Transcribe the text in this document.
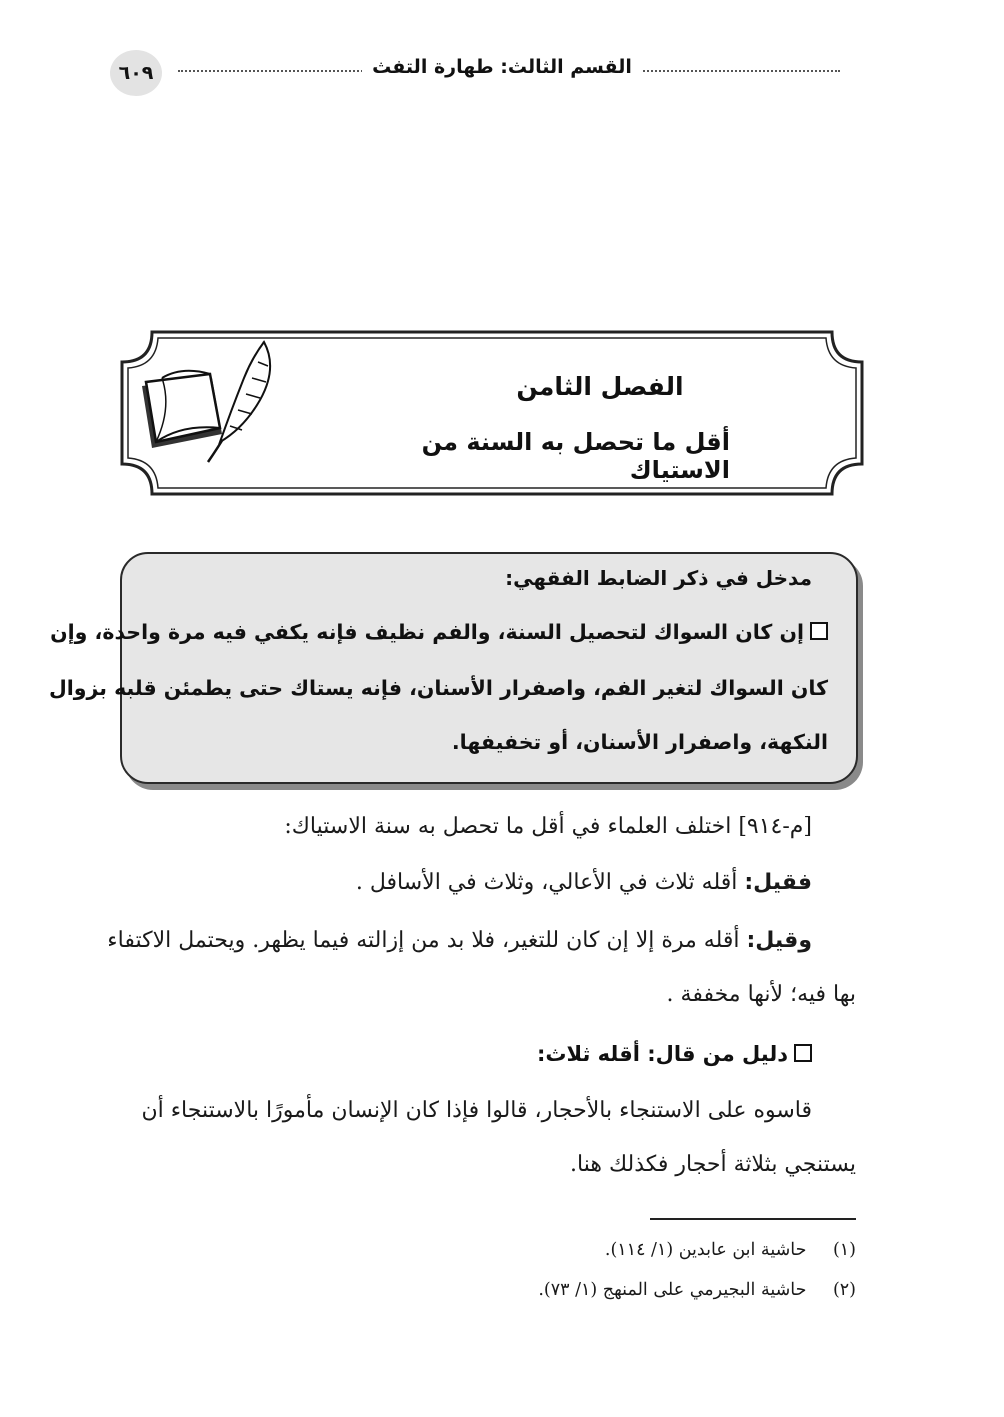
القسم الثالث: طهارة التفث
٦٠٩
الفصل الثامن
أقل ما تحصل به السنة من الاستياك
مدخل في ذكر الضابط الفقهي:
إن كان السواك لتحصيل السنة، والفم نظيف فإنه يكفي فيه مرة واحدة، وإن
كان السواك لتغير الفم، واصفرار الأسنان، فإنه يستاك حتى يطمئن قلبه بزوال
النكهة، واصفرار الأسنان، أو تخفيفها.
[م-٩١٤] اختلف العلماء في أقل ما تحصل به سنة الاستياك:
فقيل: أقله ثلاث في الأعالي، وثلاث في الأسافل
.
وقيل: أقله مرة إلا إن كان للتغير، فلا بد من إزالته فيما يظهر. ويحتمل الاكتفاء
بها فيه؛ لأنها مخففة
.
دليل من قال: أقله ثلاث:
قاسوه على الاستنجاء بالأحجار، قالوا فإذا كان الإنسان مأمورًا بالاستنجاء أن
يستنجي بثلاثة أحجار فكذلك هنا.
(١) حاشية ابن عابدين (١/ ١١٤).
(٢) حاشية البجيرمي على المنهج (١/ ٧٣).
